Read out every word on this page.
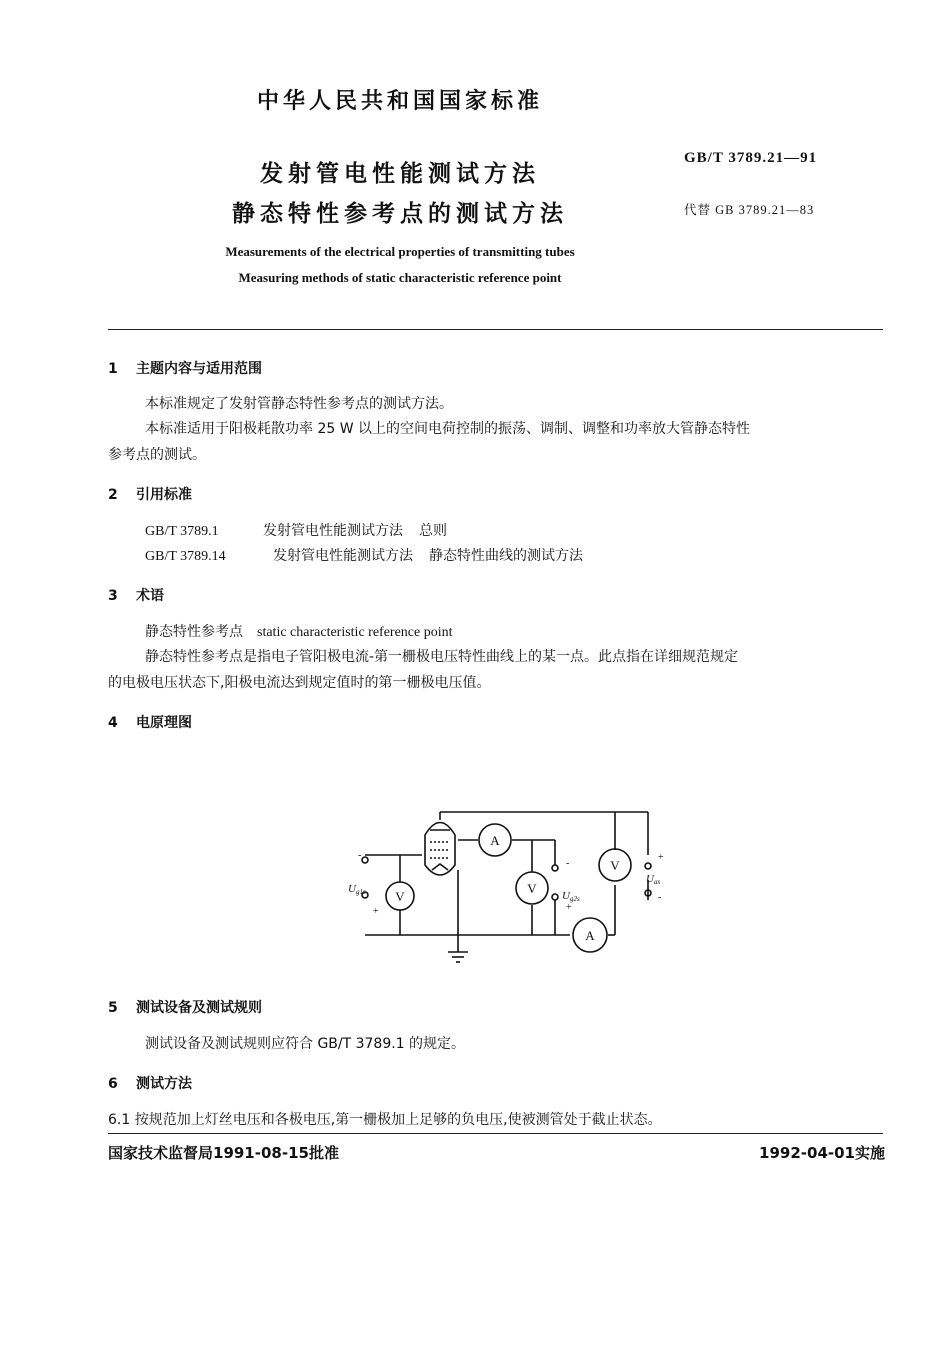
中华人民共和国国家标准
发射管电性能测试方法
静态特性参考点的测试方法
GB/T 3789.21—91
代替 GB 3789.21—83
Measurements of the electrical properties of transmitting tubes
Measuring methods of static characteristic reference point
1 主题内容与适用范围
本标准规定了发射管静态特性参考点的测试方法。
本标准适用于阳极耗散功率 25 W 以上的空间电荷控制的振荡、调制、调整和功率放大管静态特性
参考点的测试。
2 引用标准
GB/T 3789.1	发射管电性能测试方法 总则
GB/T 3789.14	发射管电性能测试方法 静态特性曲线的测试方法
3 术语
静态特性参考点 static characteristic reference point
静态特性参考点是指电子管阳极电流-第一栅极电压特性曲线上的某一点。此点指在详细规范规定
的电极电压状态下,阳极电流达到规定值时的第一栅极电压值。
4 电原理图
V
A
V
V
A
Ug1s	Ug2s
Uas
-
+
-
+
+
-
5 测试设备及测试规则
测试设备及测试规则应符合 GB/T 3789.1 的规定。
6 测试方法
6.1 按规范加上灯丝电压和各极电压,第一栅极加上足够的负电压,使被测管处于截止状态。
国家技术监督局1991-08-15批准	1992-04-01实施
